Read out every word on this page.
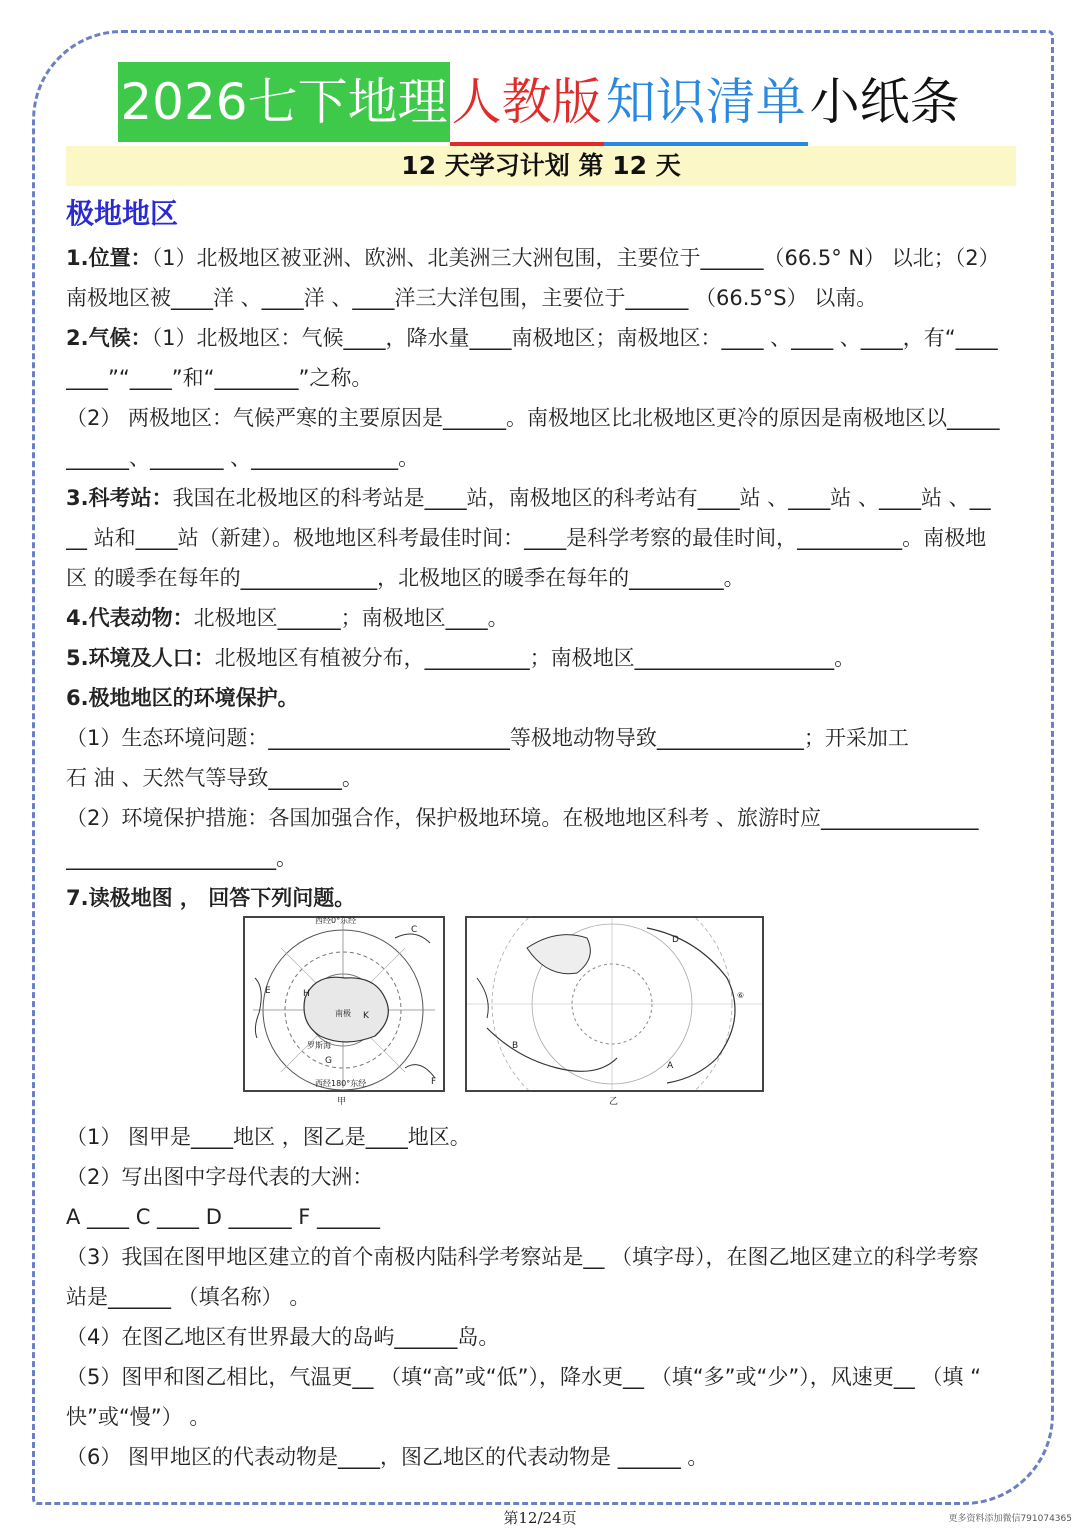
2026七下地理人教版知识清单小纸条
12 天学习计划 第 12 天
极地地区
1.位置：（1）北极地区被亚洲、欧洲、北美洲三大洲包围，主要位于______（66.5° N） 以北；（2）
南极地区被____洋 、____洋 、____洋三大洋包围，主要位于______ （66.5°S） 以南。
2.气候：（1）北极地区：气候____，降水量____南极地区；南极地区：____ 、____ 、____，有“____
____”“____”和“________”之称。
（2） 两极地区：气候严寒的主要原因是______。南极地区比北极地区更冷的原因是南极地区以_____
______、_______ 、______________。
3.科考站：我国在北极地区的科考站是____站，南极地区的科考站有____站 、____站 、____站 、__
__ 站和____站（新建）。极地地区科考最佳时间：____是科学考察的最佳时间，__________。南极地
区 的暖季在每年的_____________，北极地区的暖季在每年的_________。
4.代表动物：北极地区______；南极地区____。
5.环境及人口：北极地区有植被分布，__________；南极地区___________________。
6.极地地区的环境保护。
（1）生态环境问题：_______________________等极地动物导致______________；开采加工
石 油 、天然气等导致_______。
（2）环境保护措施：各国加强合作，保护极地环境。在极地地区科考 、旅游时应_______________
____________________。
7.读极地图 ， 回答下列问题。
南极
H
K
E
G
F
C
罗斯海
西经0°东经
西经180°东经
甲
D
B
A
⑥
乙
（1） 图甲是____地区 ，图乙是____地区。
（2）写出图中字母代表的大洲：
A ____ C ____ D ______ F ______
（3）我国在图甲地区建立的首个南极内陆科学考察站是__ （填字母），在图乙地区建立的科学考察
站是______ （填名称） 。
（4）在图乙地区有世界最大的岛屿______岛。
（5）图甲和图乙相比，气温更__ （填“高”或“低”），降水更__ （填“多”或“少”），风速更__ （填 “
快”或“慢”） 。
（6） 图甲地区的代表动物是____，图乙地区的代表动物是 ______ 。
第12/24页	更多资料添加微信791074365
